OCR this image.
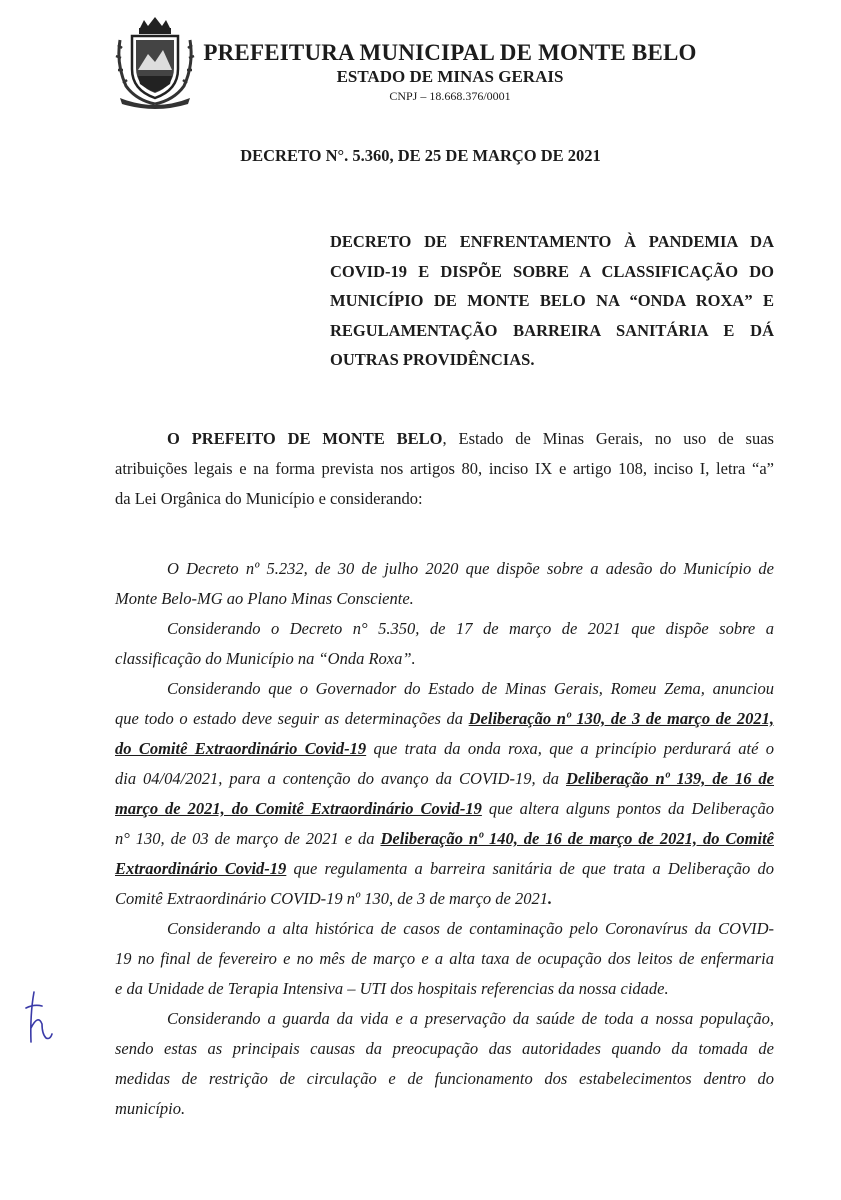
PREFEITURA MUNICIPAL DE MONTE BELO
ESTADO DE MINAS GERAIS
CNPJ – 18.668.376/0001
DECRETO N°. 5.360, DE 25 DE MARÇO DE 2021
DECRETO DE ENFRENTAMENTO À PANDEMIA DA
COVID-19 E DISPÕE SOBRE A CLASSIFICAÇÃO DO
MUNICÍPIO DE MONTE BELO NA “ONDA ROXA” E
REGULAMENTAÇÃO BARREIRA SANITÁRIA E DÁ
OUTRAS PROVIDÊNCIAS.
O PREFEITO DE MONTE BELO, Estado de Minas Gerais, no uso de suas
atribuições legais e na forma prevista nos artigos 80, inciso IX e artigo 108, inciso I, letra “a”
da Lei Orgânica do Município e considerando:
O Decreto nº 5.232, de 30 de julho 2020 que dispõe sobre a adesão do Município de
Monte Belo-MG ao Plano Minas Consciente.
Considerando o Decreto n° 5.350, de 17 de março de 2021 que dispõe sobre a
classificação do Município na “Onda Roxa”.
Considerando que o Governador do Estado de Minas Gerais, Romeu Zema, anunciou
que todo o estado deve seguir as determinações da Deliberação nº 130, de 3 de março de 2021,
do Comitê Extraordinário Covid-19 que trata da onda roxa, que a princípio perdurará até o
dia 04/04/2021, para a contenção do avanço da COVID-19, da Deliberação nº 139, de 16 de
março de 2021, do Comitê Extraordinário Covid-19 que altera alguns pontos da Deliberação
n° 130, de 03 de março de 2021 e da Deliberação nº 140, de 16 de março de 2021, do Comitê
Extraordinário Covid-19 que regulamenta a barreira sanitária de que trata a Deliberação do
Comitê Extraordinário COVID-19 nº 130, de 3 de março de 2021.
Considerando a alta histórica de casos de contaminação pelo Coronavírus da COVID-
19 no final de fevereiro e no mês de março e a alta taxa de ocupação dos leitos de enfermaria
e da Unidade de Terapia Intensiva – UTI dos hospitais referencias da nossa cidade.
Considerando a guarda da vida e a preservação da saúde de toda a nossa população,
sendo estas as principais causas da preocupação das autoridades quando da tomada de
medidas de restrição de circulação e de funcionamento dos estabelecimentos dentro do
município.
